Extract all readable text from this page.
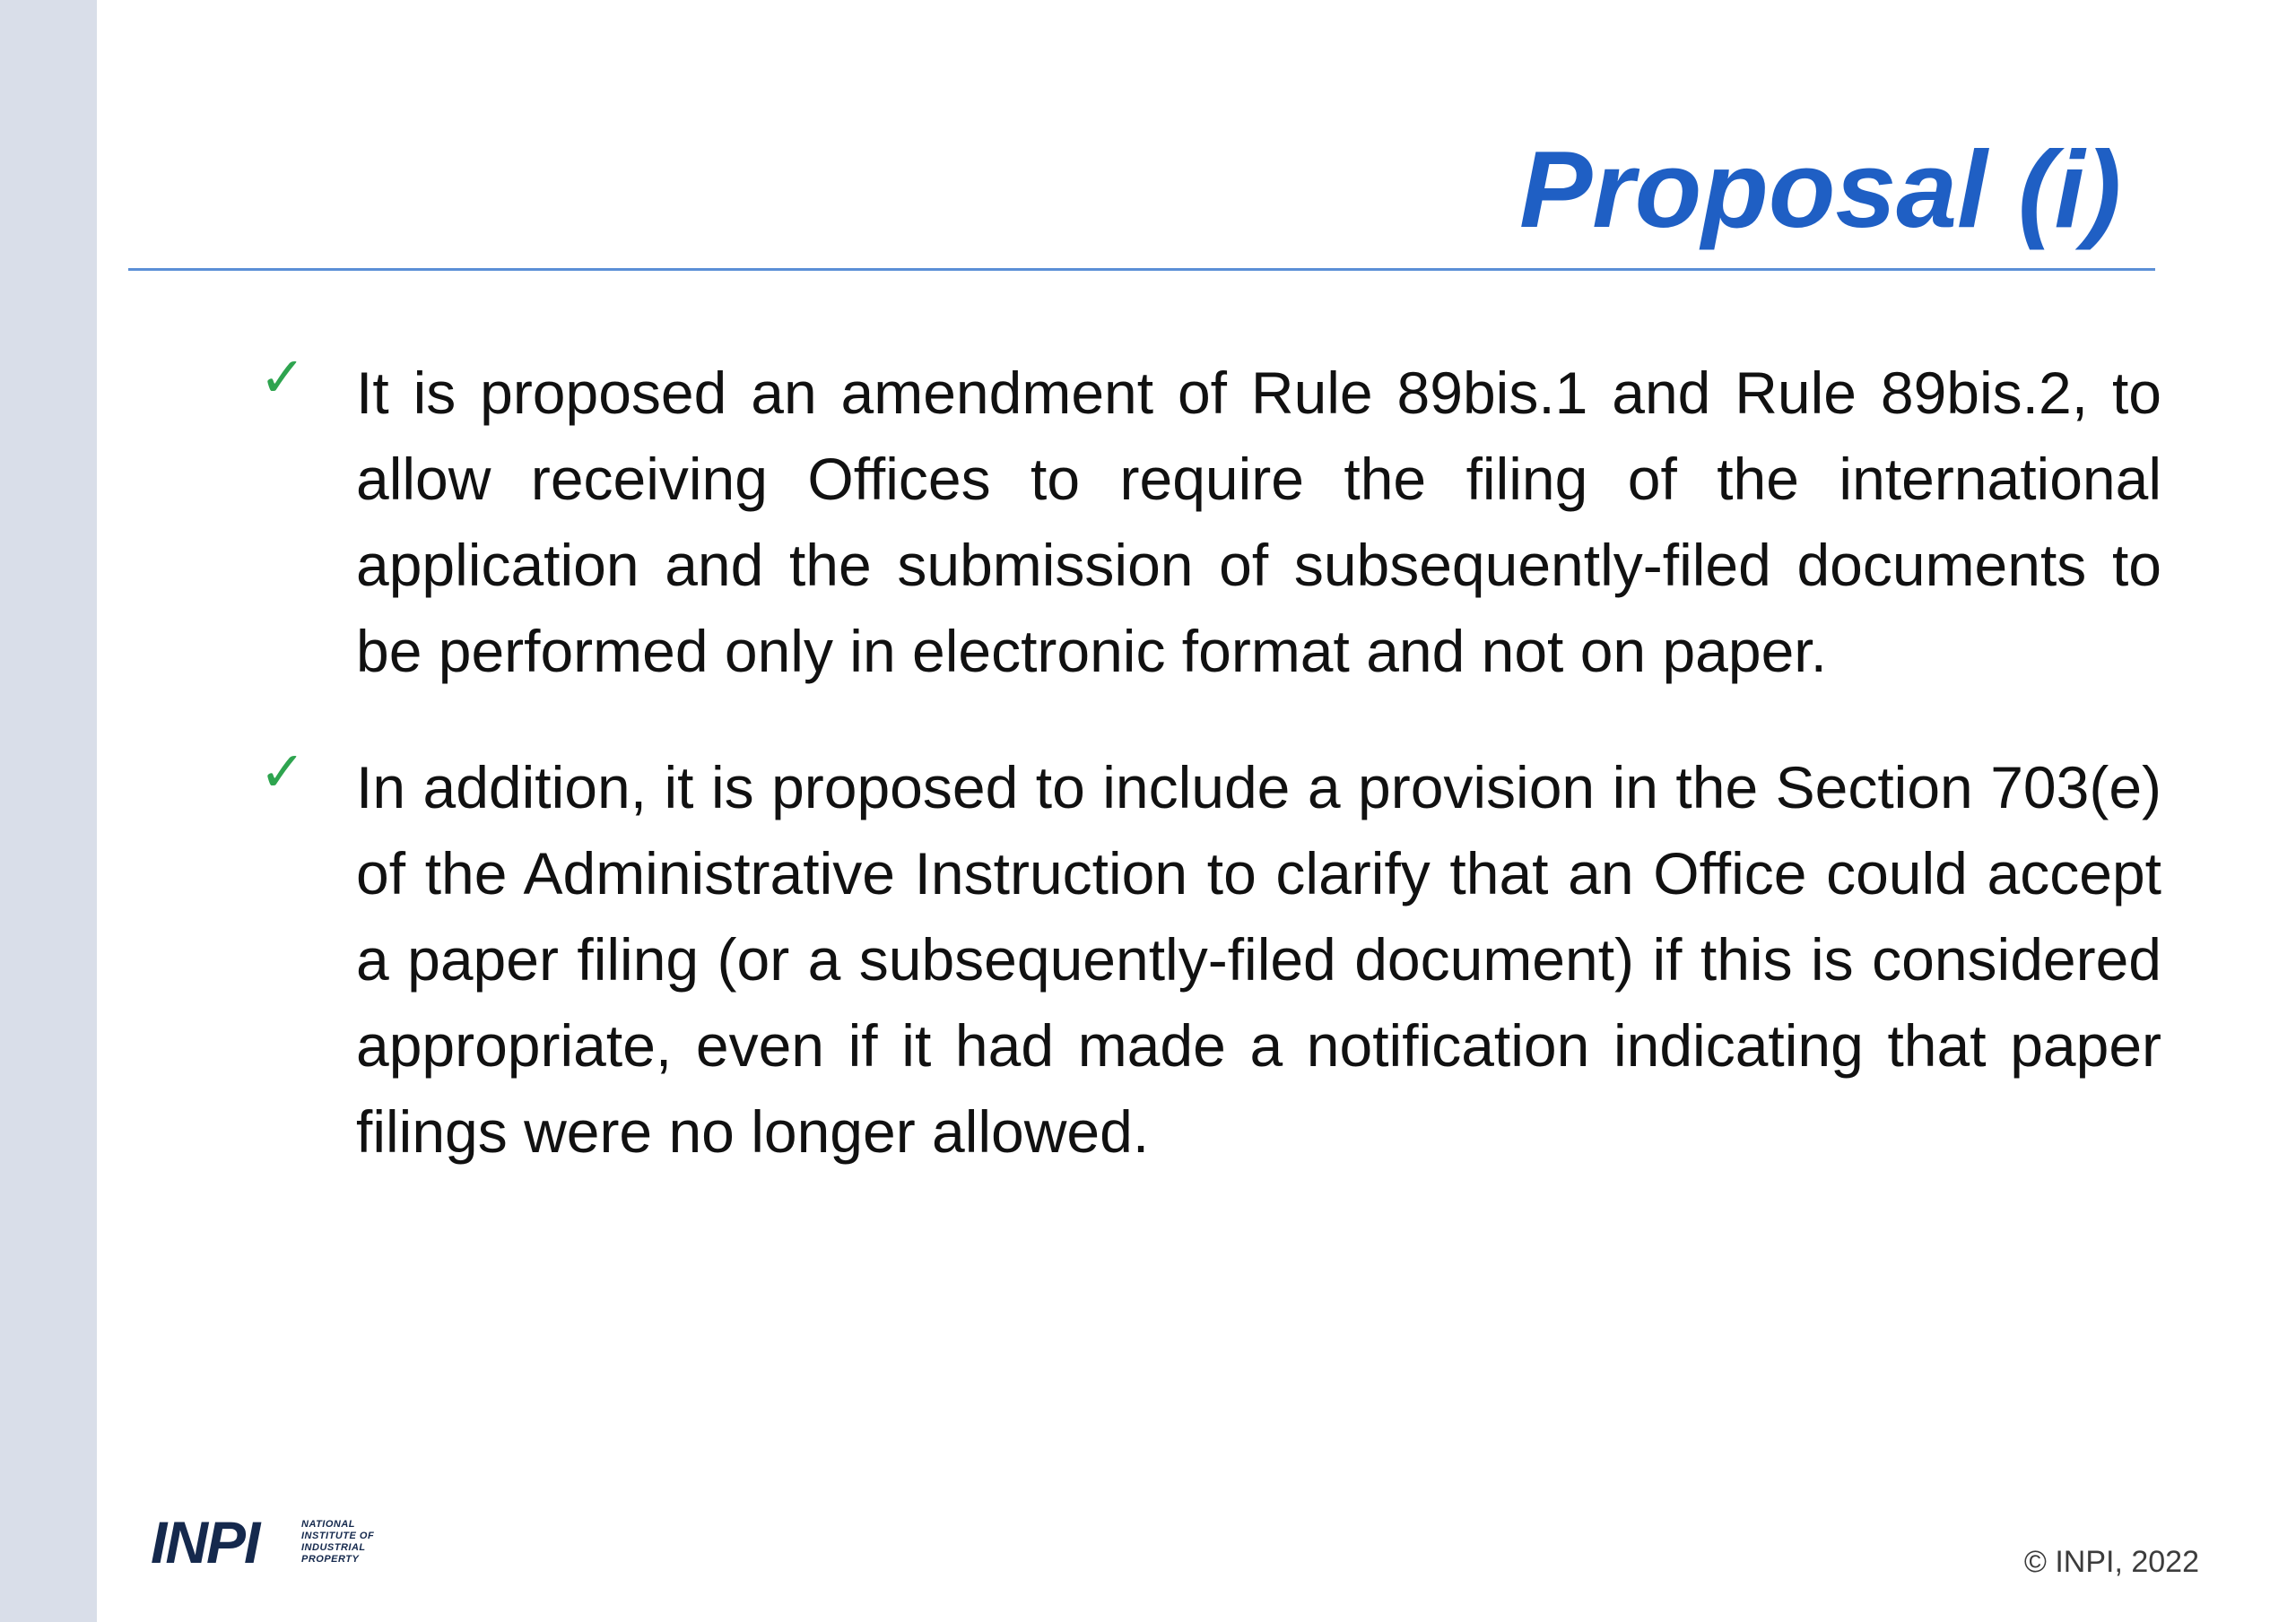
Proposal (i)
✓ It is proposed an amendment of Rule 89bis.1 and Rule 89bis.2, to allow receiving Offices to require the filing of the international application and the submission of subsequently-filed documents to be performed only in electronic format and not on paper.
✓ In addition, it is proposed to include a provision in the Section 703(e) of the Administrative Instruction to clarify that an Office could accept a paper filing (or a subsequently-filed document) if this is considered appropriate, even if it had made a notification indicating that paper filings were no longer allowed.
INPI	NATIONAL
INSTITUTE OF
INDUSTRIAL
PROPERTY	© INPI, 2022
